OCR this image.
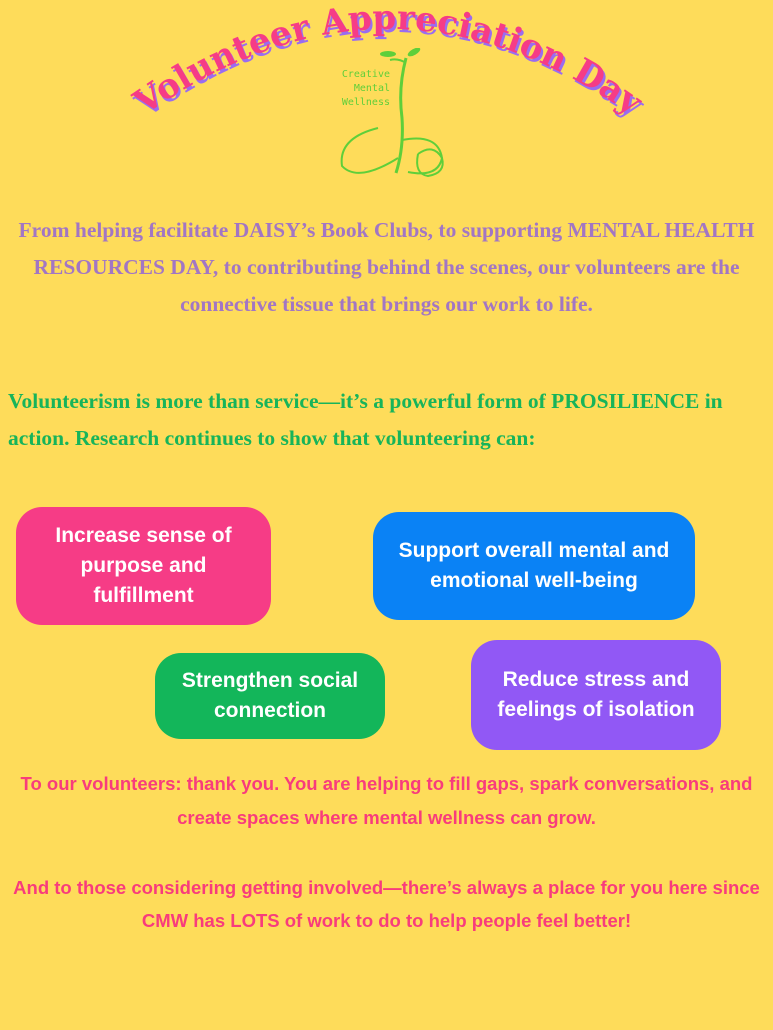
Volunteer Appreciation Day
Creative
Mental
Wellness
From helping facilitate DAISY’s Book Clubs, to supporting MENTAL HEALTH RESOURCES DAY, to contributing behind the scenes, our volunteers are the connective tissue that brings our work to life.
Volunteerism is more than service—it’s a powerful form of PROSILIENCE in action. Research continues to show that volunteering can:
Increase sense of purpose and fulfillment
Support overall mental and emotional well-being
Strengthen social connection
Reduce stress and feelings of isolation
To our volunteers: thank you. You are helping to fill gaps, spark conversations, and create spaces where mental wellness can grow.
And to those considering getting involved—there’s always a place for you here since CMW has LOTS of work to do to help people feel better!
